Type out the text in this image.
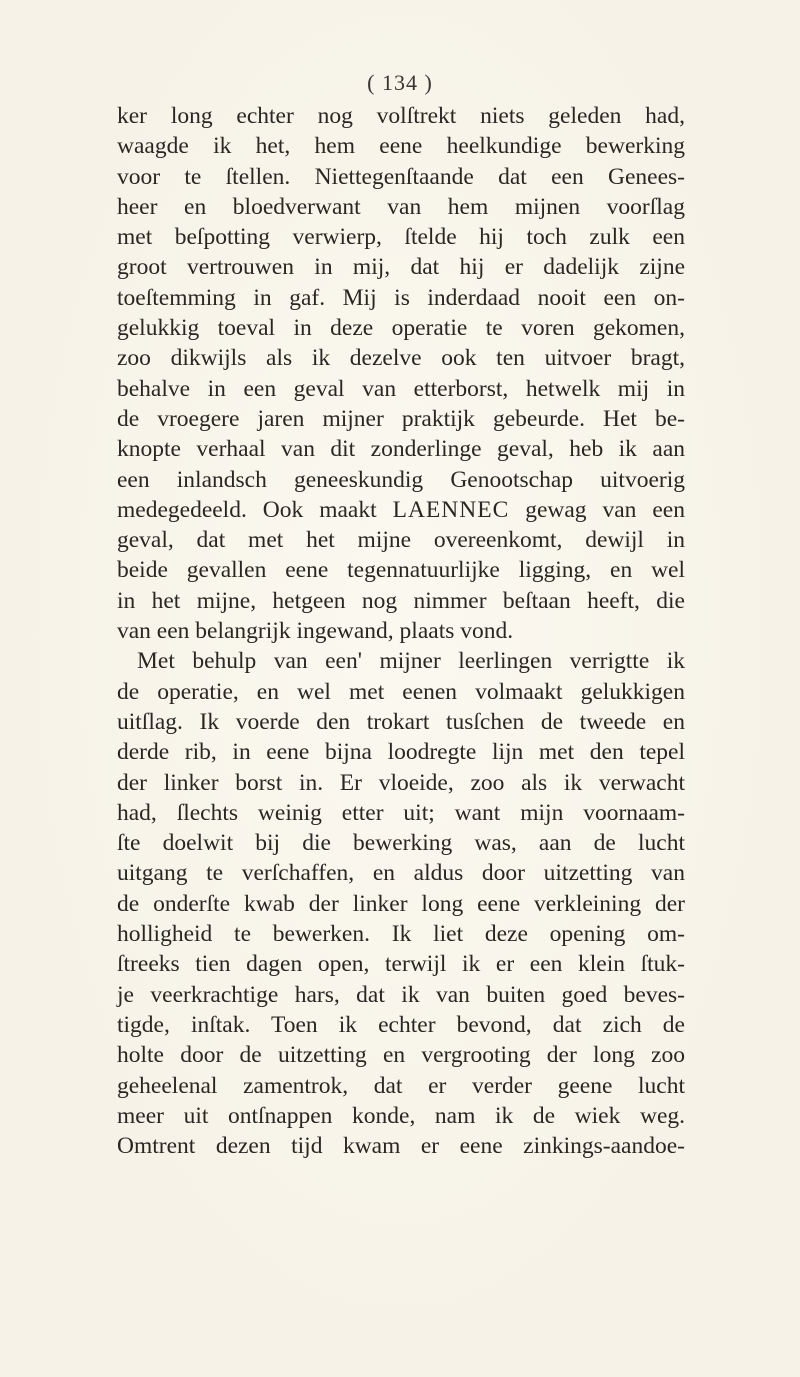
( 134 )
ker long echter nog volſtrekt niets geleden had,
waagde ik het, hem eene heelkundige bewerking
voor te ſtellen. Niettegenſtaande dat een Genees-
heer en bloedverwant van hem mijnen voorſlag
met beſpotting verwierp, ſtelde hij toch zulk een
groot vertrouwen in mij, dat hij er dadelijk zijne
toeſtemming in gaf. Mij is inderdaad nooit een on-
gelukkig toeval in deze operatie te voren gekomen,
zoo dikwijls als ik dezelve ook ten uitvoer bragt,
behalve in een geval van etterborst, hetwelk mij in
de vroegere jaren mijner praktijk gebeurde. Het be-
knopte verhaal van dit zonderlinge geval, heb ik aan
een inlandsch geneeskundig Genootschap uitvoerig
medegedeeld. Ook maakt LAENNEC gewag van een
geval, dat met het mijne overeenkomt, dewijl in
beide gevallen eene tegennatuurlijke ligging, en wel
in het mijne, hetgeen nog nimmer beſtaan heeft, die
van een belangrijk ingewand, plaats vond.
Met behulp van een' mijner leerlingen verrigtte ik
de operatie, en wel met eenen volmaakt gelukkigen
uitſlag. Ik voerde den trokart tusſchen de tweede en
derde rib, in eene bijna loodregte lijn met den tepel
der linker borst in. Er vloeide, zoo als ik verwacht
had, ſlechts weinig etter uit; want mijn voornaam-
ſte doelwit bij die bewerking was, aan de lucht
uitgang te verſchaffen, en aldus door uitzetting van
de onderſte kwab der linker long eene verkleining der
holligheid te bewerken. Ik liet deze opening om-
ſtreeks tien dagen open, terwijl ik er een klein ſtuk-
je veerkrachtige hars, dat ik van buiten goed beves-
tigde, inſtak. Toen ik echter bevond, dat zich de
holte door de uitzetting en vergrooting der long zoo
geheelenal zamentrok, dat er verder geene lucht
meer uit ontſnappen konde, nam ik de wiek weg.
Omtrent dezen tijd kwam er eene zinkings-aandoe-
